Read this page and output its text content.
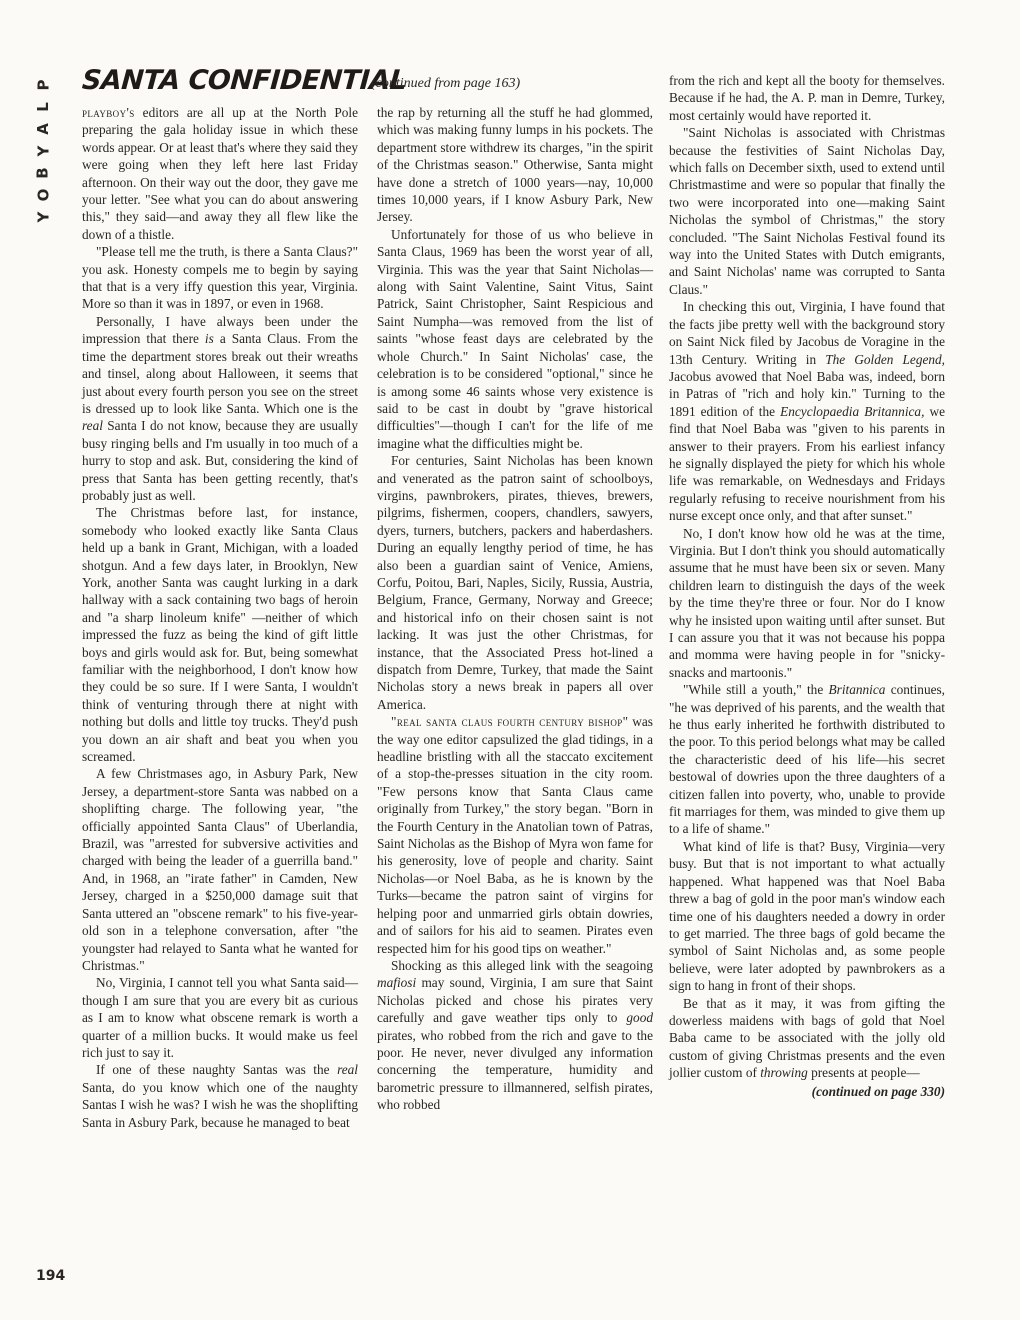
P
L
A
Y
B
O
Y
194
SANTA CONFIDENTIAL
(continued from page 163)

playboy's editors are all up at the North Pole preparing the gala holiday issue in which these words appear. Or at least that's where they said they were going when they left here last Friday afternoon. On their way out the door, they gave me your letter. "See what you can do about answering this," they said—and away they all flew like the down of a thistle.

"Please tell me the truth, is there a Santa Claus?" you ask. Honesty compels me to begin by saying that that is a very iffy question this year, Virginia. More so than it was in 1897, or even in 1968.

Personally, I have always been under the impression that there is a Santa Claus. From the time the department stores break out their wreaths and tinsel, along about Halloween, it seems that just about every fourth person you see on the street is dressed up to look like Santa. Which one is the real Santa I do not know, because they are usually busy ringing bells and I'm usually in too much of a hurry to stop and ask. But, considering the kind of press that Santa has been getting recently, that's probably just as well.

The Christmas before last, for instance, somebody who looked exactly like Santa Claus held up a bank in Grant, Michigan, with a loaded shotgun. And a few days later, in Brooklyn, New York, another Santa was caught lurking in a dark hallway with a sack containing two bags of heroin and "a sharp linoleum knife" —neither of which impressed the fuzz as being the kind of gift little boys and girls would ask for. But, being somewhat familiar with the neighborhood, I don't know how they could be so sure. If I were Santa, I wouldn't think of venturing through there at night with nothing but dolls and little toy trucks. They'd push you down an air shaft and beat you when you screamed.

A few Christmases ago, in Asbury Park, New Jersey, a department-store Santa was nabbed on a shoplifting charge. The following year, "the officially appointed Santa Claus" of Uberlandia, Brazil, was "arrested for subversive activities and charged with being the leader of a guerrilla band." And, in 1968, an "irate father" in Camden, New Jersey, charged in a $250,000 damage suit that Santa uttered an "obscene remark" to his five-year-old son in a telephone conversation, after "the youngster had relayed to Santa what he wanted for Christmas."

No, Virginia, I cannot tell you what Santa said—though I am sure that you are every bit as curious as I am to know what obscene remark is worth a quarter of a million bucks. It would make us feel rich just to say it.

If one of these naughty Santas was the real Santa, do you know which one of the naughty Santas I wish he was? I wish he was the shoplifting Santa in Asbury Park, because he managed to beat

the rap by returning all the stuff he had glommed, which was making funny lumps in his pockets. The department store withdrew its charges, "in the spirit of the Christmas season." Otherwise, Santa might have done a stretch of 1000 years—nay, 10,000 times 10,000 years, if I know Asbury Park, New Jersey.

Unfortunately for those of us who believe in Santa Claus, 1969 has been the worst year of all, Virginia. This was the year that Saint Nicholas—along with Saint Valentine, Saint Vitus, Saint Patrick, Saint Christopher, Saint Respicious and Saint Numpha—was removed from the list of saints "whose feast days are celebrated by the whole Church." In Saint Nicholas' case, the celebration is to be considered "optional," since he is among some 46 saints whose very existence is said to be cast in doubt by "grave historical difficulties"—though I can't for the life of me imagine what the difficulties might be.

For centuries, Saint Nicholas has been known and venerated as the patron saint of schoolboys, virgins, pawnbrokers, pirates, thieves, brewers, pilgrims, fishermen, coopers, chandlers, sawyers, dyers, turners, butchers, packers and haberdashers. During an equally lengthy period of time, he has also been a guardian saint of Venice, Amiens, Corfu, Poitou, Bari, Naples, Sicily, Russia, Austria, Belgium, France, Germany, Norway and Greece; and historical info on their chosen saint is not lacking. It was just the other Christmas, for instance, that the Associated Press hot-lined a dispatch from Demre, Turkey, that made the Saint Nicholas story a news break in papers all over America.

"real santa claus fourth century bishop" was the way one editor capsulized the glad tidings, in a headline bristling with all the staccato excitement of a stop-the-presses situation in the city room. "Few persons know that Santa Claus came originally from Turkey," the story began. "Born in the Fourth Century in the Anatolian town of Patras, Saint Nicholas as the Bishop of Myra won fame for his generosity, love of people and charity. Saint Nicholas—or Noel Baba, as he is known by the Turks—became the patron saint of virgins for helping poor and unmarried girls obtain dowries, and of sailors for his aid to seamen. Pirates even respected him for his good tips on weather."

Shocking as this alleged link with the seagoing mafiosi may sound, Virginia, I am sure that Saint Nicholas picked and chose his pirates very carefully and gave weather tips only to good pirates, who robbed from the rich and gave to the poor. He never, never divulged any information concerning the temperature, humidity and barometric pressure to illmannered, selfish pirates, who robbed

from the rich and kept all the booty for themselves. Because if he had, the A. P. man in Demre, Turkey, most certainly would have reported it.

"Saint Nicholas is associated with Christmas because the festivities of Saint Nicholas Day, which falls on December sixth, used to extend until Christmastime and were so popular that finally the two were incorporated into one—making Saint Nicholas the symbol of Christmas," the story concluded. "The Saint Nicholas Festival found its way into the United States with Dutch emigrants, and Saint Nicholas' name was corrupted to Santa Claus."

In checking this out, Virginia, I have found that the facts jibe pretty well with the background story on Saint Nick filed by Jacobus de Voragine in the 13th Century. Writing in The Golden Legend, Jacobus avowed that Noel Baba was, indeed, born in Patras of "rich and holy kin." Turning to the 1891 edition of the Encyclopaedia Britannica, we find that Noel Baba was "given to his parents in answer to their prayers. From his earliest infancy he signally displayed the piety for which his whole life was remarkable, on Wednesdays and Fridays regularly refusing to receive nourishment from his nurse except once only, and that after sunset."

No, I don't know how old he was at the time, Virginia. But I don't think you should automatically assume that he must have been six or seven. Many children learn to distinguish the days of the week by the time they're three or four. Nor do I know why he insisted upon waiting until after sunset. But I can assure you that it was not because his poppa and momma were having people in for "snicky-snacks and martoonis."

"While still a youth," the Britannica continues, "he was deprived of his parents, and the wealth that he thus early inherited he forthwith distributed to the poor. To this period belongs what may be called the characteristic deed of his life—his secret bestowal of dowries upon the three daughters of a citizen fallen into poverty, who, unable to provide fit marriages for them, was minded to give them up to a life of shame."

What kind of life is that? Busy, Virginia—very busy. But that is not important to what actually happened. What happened was that Noel Baba threw a bag of gold in the poor man's window each time one of his daughters needed a dowry in order to get married. The three bags of gold became the symbol of Saint Nicholas and, as some people believe, were later adopted by pawnbrokers as a sign to hang in front of their shops.

Be that as it may, it was from gifting the dowerless maidens with bags of gold that Noel Baba came to be associated with the jolly old custom of giving Christmas presents and the even jollier custom of throwing presents at people—

(continued on page 330)
